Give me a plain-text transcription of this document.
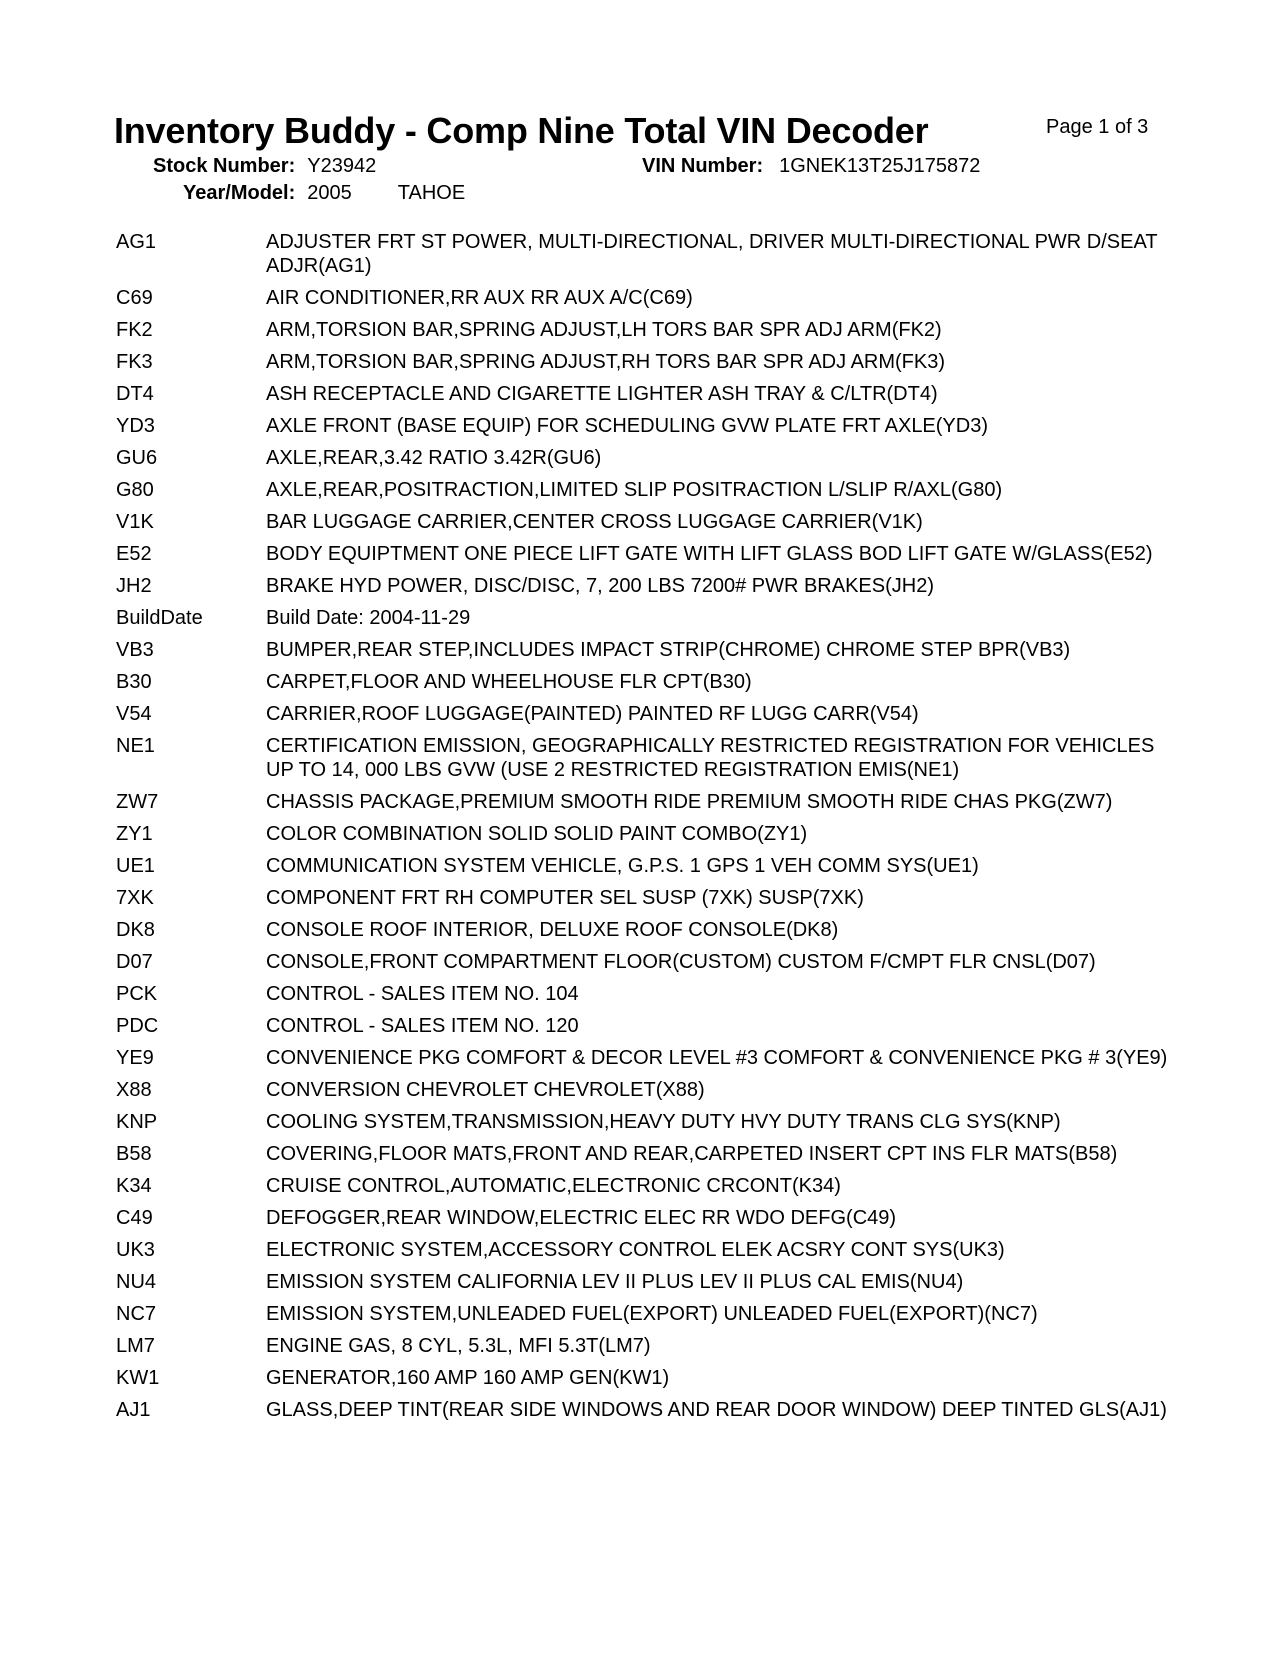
Inventory Buddy - Comp Nine Total VIN Decoder	Page 1 of 3
Stock Number: Y23942	VIN Number: 1GNEK13T25J175872
Year/Model: 2005 TAHOE
AG1	ADJUSTER FRT ST POWER, MULTI-DIRECTIONAL, DRIVER MULTI-DIRECTIONAL PWR D/SEAT ADJR(AG1)
C69	AIR CONDITIONER,RR AUX RR AUX A/C(C69)
FK2	ARM,TORSION BAR,SPRING ADJUST,LH TORS BAR SPR ADJ ARM(FK2)
FK3	ARM,TORSION BAR,SPRING ADJUST,RH TORS BAR SPR ADJ ARM(FK3)
DT4	ASH RECEPTACLE AND CIGARETTE LIGHTER ASH TRAY & C/LTR(DT4)
YD3	AXLE FRONT (BASE EQUIP) FOR SCHEDULING GVW PLATE FRT AXLE(YD3)
GU6	AXLE,REAR,3.42 RATIO 3.42R(GU6)
G80	AXLE,REAR,POSITRACTION,LIMITED SLIP POSITRACTION L/SLIP R/AXL(G80)
V1K	BAR LUGGAGE CARRIER,CENTER CROSS LUGGAGE CARRIER(V1K)
E52	BODY EQUIPTMENT ONE PIECE LIFT GATE WITH LIFT GLASS BOD LIFT GATE W/GLASS(E52)
JH2	BRAKE HYD POWER, DISC/DISC, 7, 200 LBS 7200# PWR BRAKES(JH2)
BuildDate	Build Date: 2004-11-29
VB3	BUMPER,REAR STEP,INCLUDES IMPACT STRIP(CHROME) CHROME STEP BPR(VB3)
B30	CARPET,FLOOR AND WHEELHOUSE FLR CPT(B30)
V54	CARRIER,ROOF LUGGAGE(PAINTED) PAINTED RF LUGG CARR(V54)
NE1	CERTIFICATION EMISSION, GEOGRAPHICALLY RESTRICTED REGISTRATION FOR VEHICLES UP TO 14, 000 LBS GVW (USE 2 RESTRICTED REGISTRATION EMIS(NE1)
ZW7	CHASSIS PACKAGE,PREMIUM SMOOTH RIDE PREMIUM SMOOTH RIDE CHAS PKG(ZW7)
ZY1	COLOR COMBINATION SOLID SOLID PAINT COMBO(ZY1)
UE1	COMMUNICATION SYSTEM VEHICLE, G.P.S. 1 GPS 1 VEH COMM SYS(UE1)
7XK	COMPONENT FRT RH COMPUTER SEL SUSP (7XK) SUSP(7XK)
DK8	CONSOLE ROOF INTERIOR, DELUXE ROOF CONSOLE(DK8)
D07	CONSOLE,FRONT COMPARTMENT FLOOR(CUSTOM) CUSTOM F/CMPT FLR CNSL(D07)
PCK	CONTROL - SALES ITEM NO. 104
PDC	CONTROL - SALES ITEM NO. 120
YE9	CONVENIENCE PKG COMFORT & DECOR LEVEL #3 COMFORT & CONVENIENCE PKG # 3(YE9)
X88	CONVERSION CHEVROLET CHEVROLET(X88)
KNP	COOLING SYSTEM,TRANSMISSION,HEAVY DUTY HVY DUTY TRANS CLG SYS(KNP)
B58	COVERING,FLOOR MATS,FRONT AND REAR,CARPETED INSERT CPT INS FLR MATS(B58)
K34	CRUISE CONTROL,AUTOMATIC,ELECTRONIC CRCONT(K34)
C49	DEFOGGER,REAR WINDOW,ELECTRIC ELEC RR WDO DEFG(C49)
UK3	ELECTRONIC SYSTEM,ACCESSORY CONTROL ELEK ACSRY CONT SYS(UK3)
NU4	EMISSION SYSTEM CALIFORNIA LEV II PLUS LEV II PLUS CAL EMIS(NU4)
NC7	EMISSION SYSTEM,UNLEADED FUEL(EXPORT) UNLEADED FUEL(EXPORT)(NC7)
LM7	ENGINE GAS, 8 CYL, 5.3L, MFI 5.3T(LM7)
KW1	GENERATOR,160 AMP 160 AMP GEN(KW1)
AJ1	GLASS,DEEP TINT(REAR SIDE WINDOWS AND REAR DOOR WINDOW) DEEP TINTED GLS(AJ1)
